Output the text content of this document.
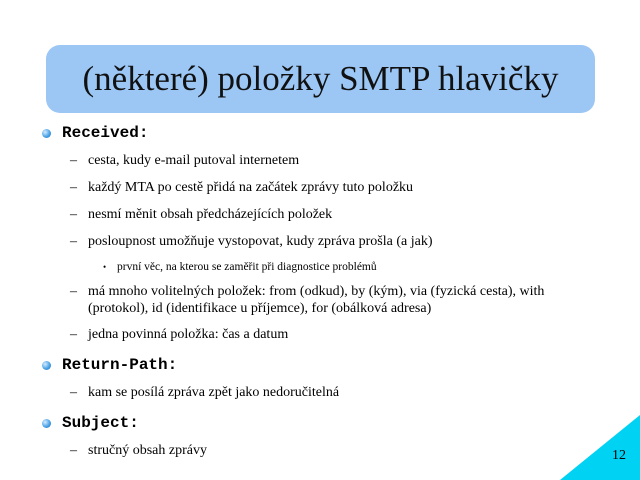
(některé) položky SMTP hlavičky
Received:
– cesta, kudy e-mail putoval internetem
– každý MTA po cestě přidá na začátek zprávy tuto položku
– nesmí měnit obsah předcházejících položek
– posloupnost umožňuje vystopovat, kudy zpráva prošla (a jak)
• první věc, na kterou se zaměřit při diagnostice problémů
– má mnoho volitelných položek: from (odkud), by (kým), via (fyzická cesta), with (protokol), id (identifikace u příjemce), for (obálková adresa)
– jedna povinná položka: čas a datum
Return-Path:
– kam se posílá zpráva zpět jako nedoručitelná
Subject:
– stručný obsah zprávy	12
